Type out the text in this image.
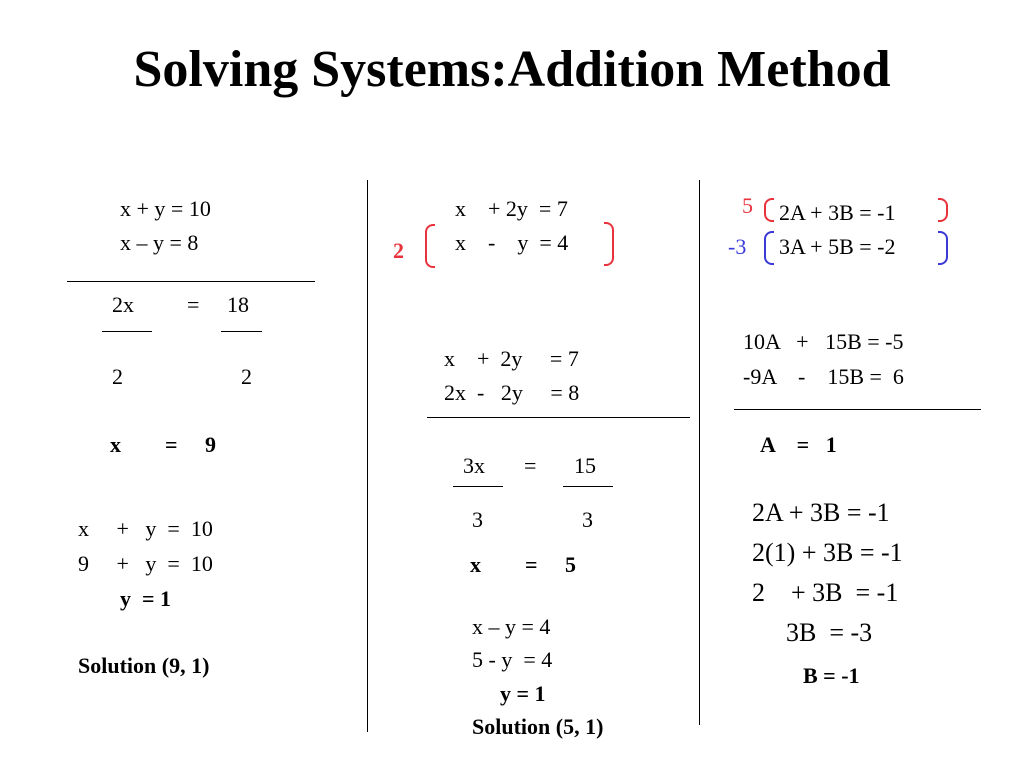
Solving Systems:Addition Method
x + y = 10
x – y = 8
2x = 18
2	2
x        =     9
x     +   y  =  10
9     +   y  =  10
y  = 1
Solution (9, 1)
2
x    + 2y  = 7
x    -    y  = 4
x    +  2y     = 7
2x  -   2y     = 8
3x = 15
3	3
x        =     5
x – y = 4
5 - y  = 4
y = 1
Solution (5, 1)
5 2A + 3B = -1
-3 3A + 5B = -2
10A   +   15B = -5
-9A    -    15B =  6
A    =   1
2A + 3B = -1
2(1) + 3B = -1
2    + 3B  = -1
3B  = -3
B = -1
